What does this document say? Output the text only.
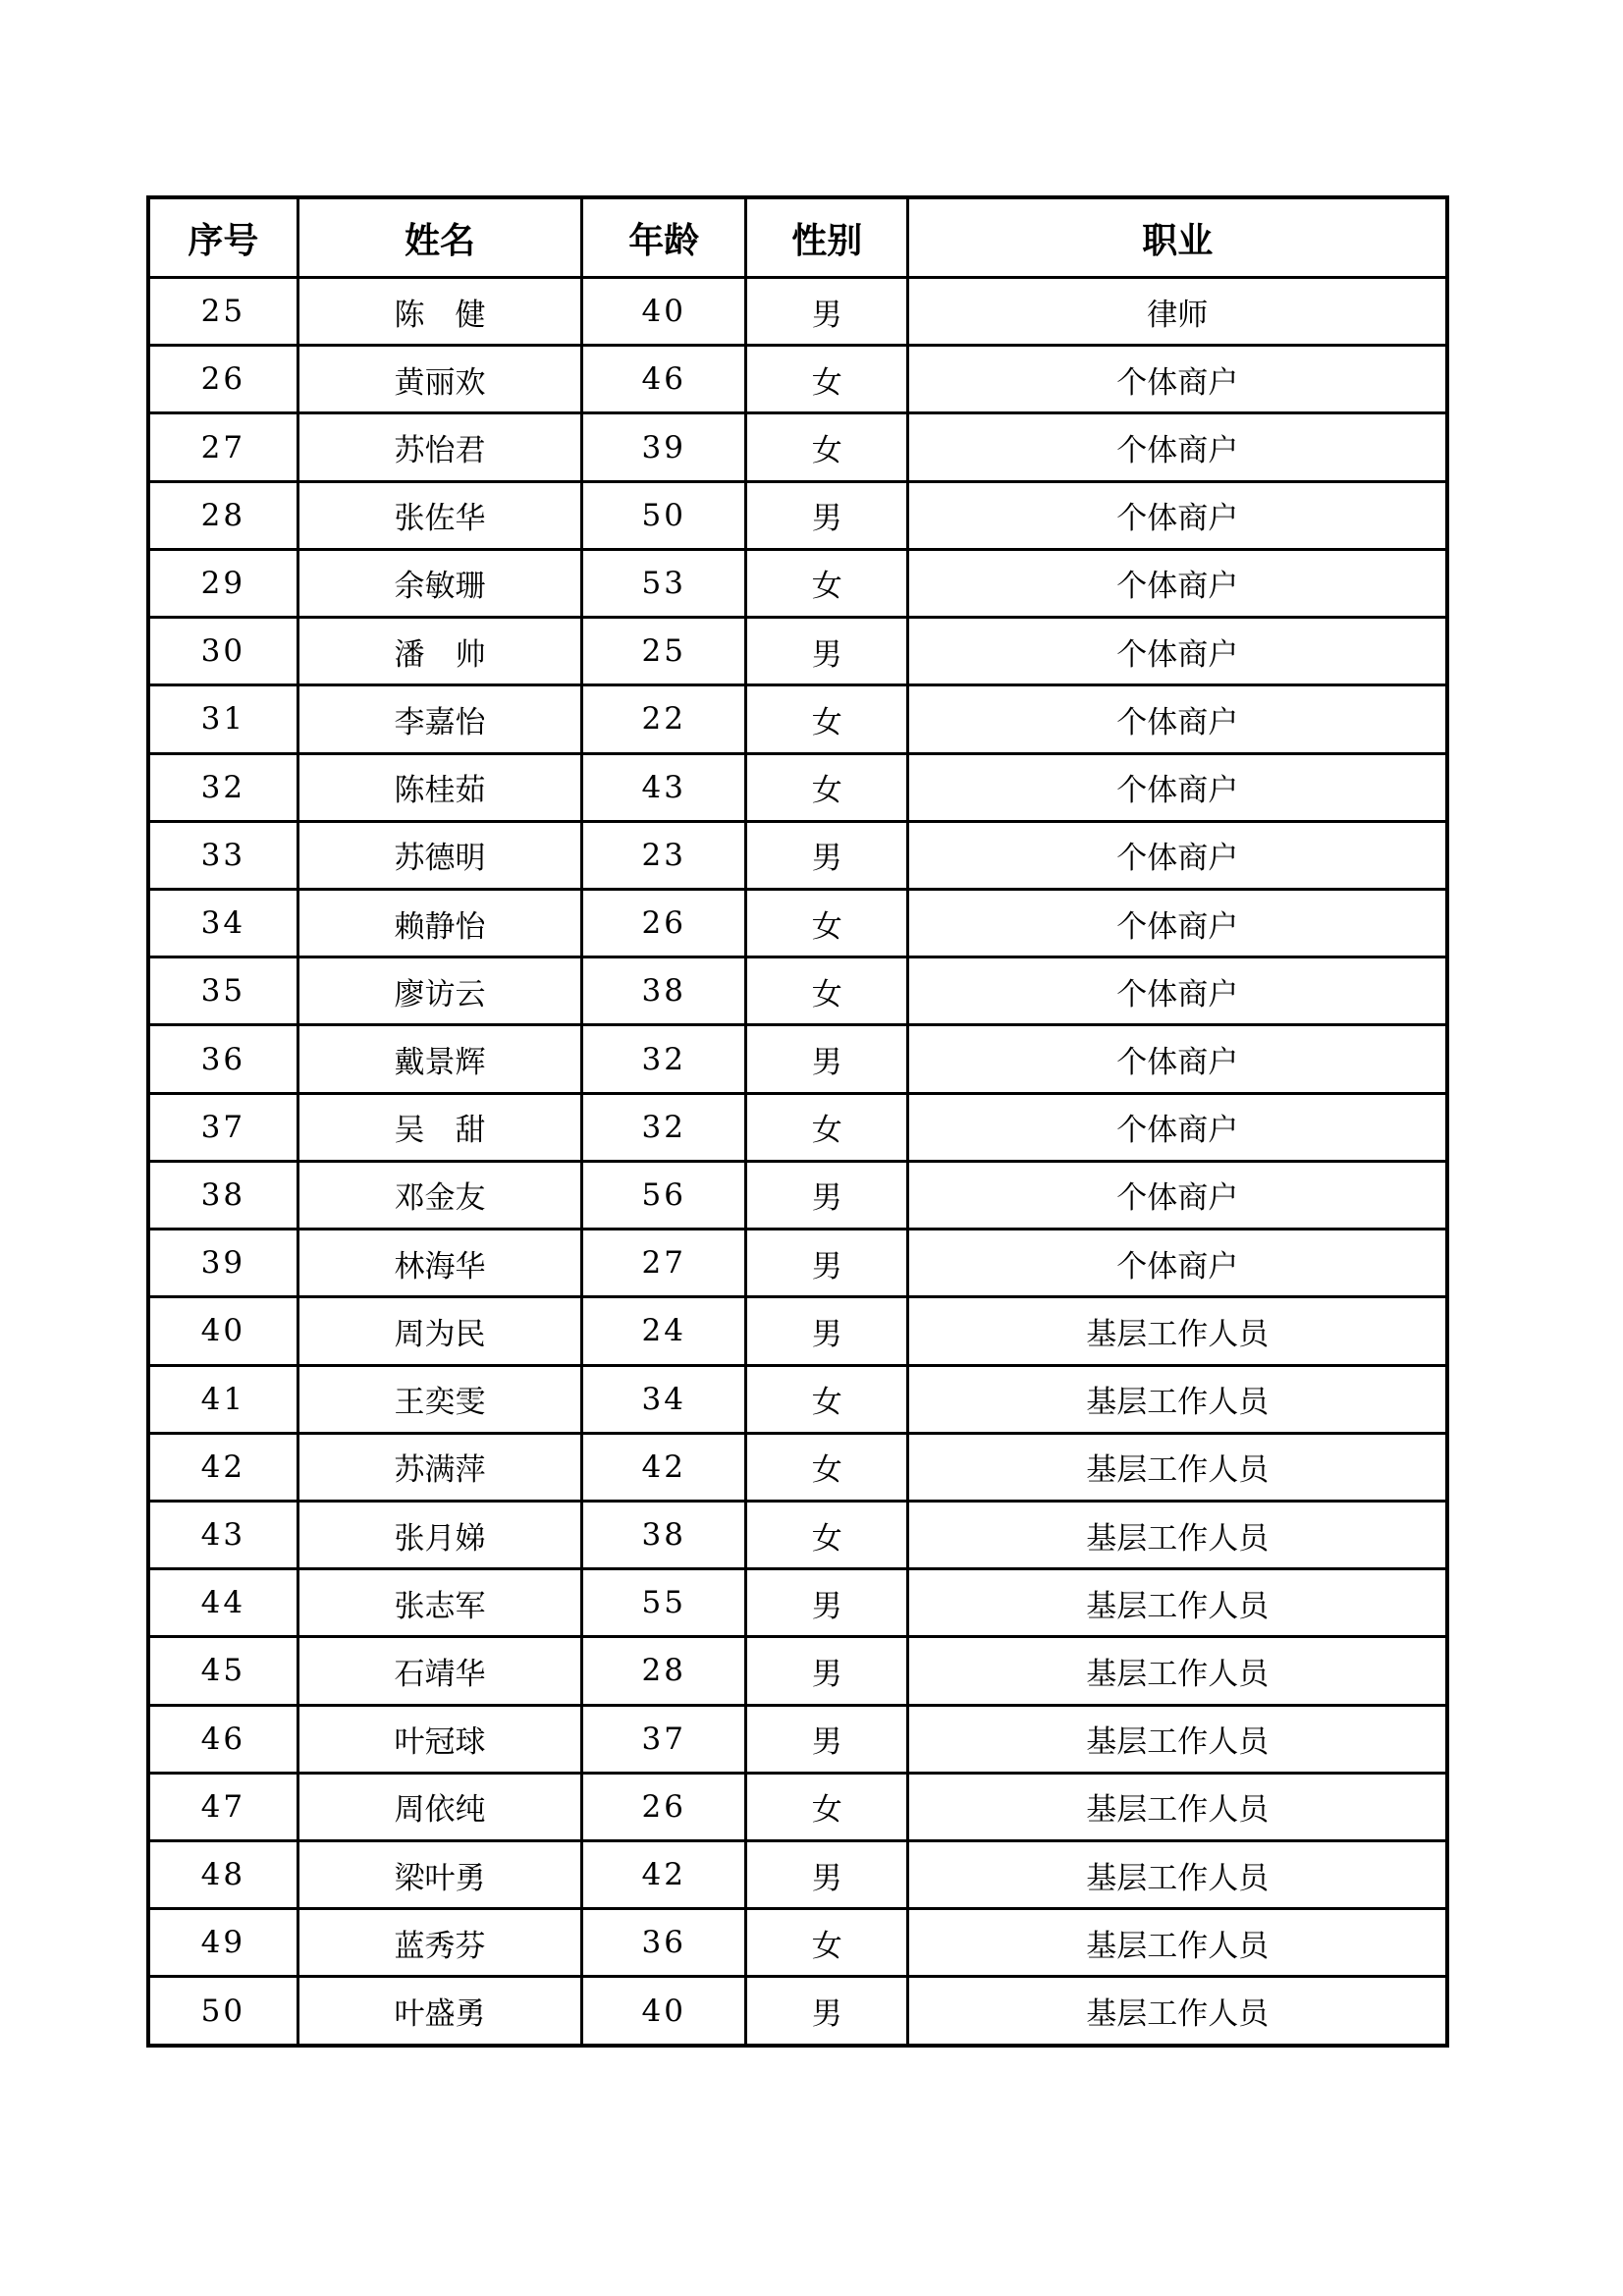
序号	姓名	年龄	性别	职业
25	陈　健	40	男	律师
26	黄丽欢	46	女	个体商户
27	苏怡君	39	女	个体商户
28	张佐华	50	男	个体商户
29	余敏珊	53	女	个体商户
30	潘　帅	25	男	个体商户
31	李嘉怡	22	女	个体商户
32	陈桂茹	43	女	个体商户
33	苏德明	23	男	个体商户
34	赖静怡	26	女	个体商户
35	廖访云	38	女	个体商户
36	戴景辉	32	男	个体商户
37	吴　甜	32	女	个体商户
38	邓金友	56	男	个体商户
39	林海华	27	男	个体商户
40	周为民	24	男	基层工作人员
41	王奕雯	34	女	基层工作人员
42	苏满萍	42	女	基层工作人员
43	张月娣	38	女	基层工作人员
44	张志军	55	男	基层工作人员
45	石靖华	28	男	基层工作人员
46	叶冠球	37	男	基层工作人员
47	周依纯	26	女	基层工作人员
48	梁叶勇	42	男	基层工作人员
49	蓝秀芬	36	女	基层工作人员
50	叶盛勇	40	男	基层工作人员
